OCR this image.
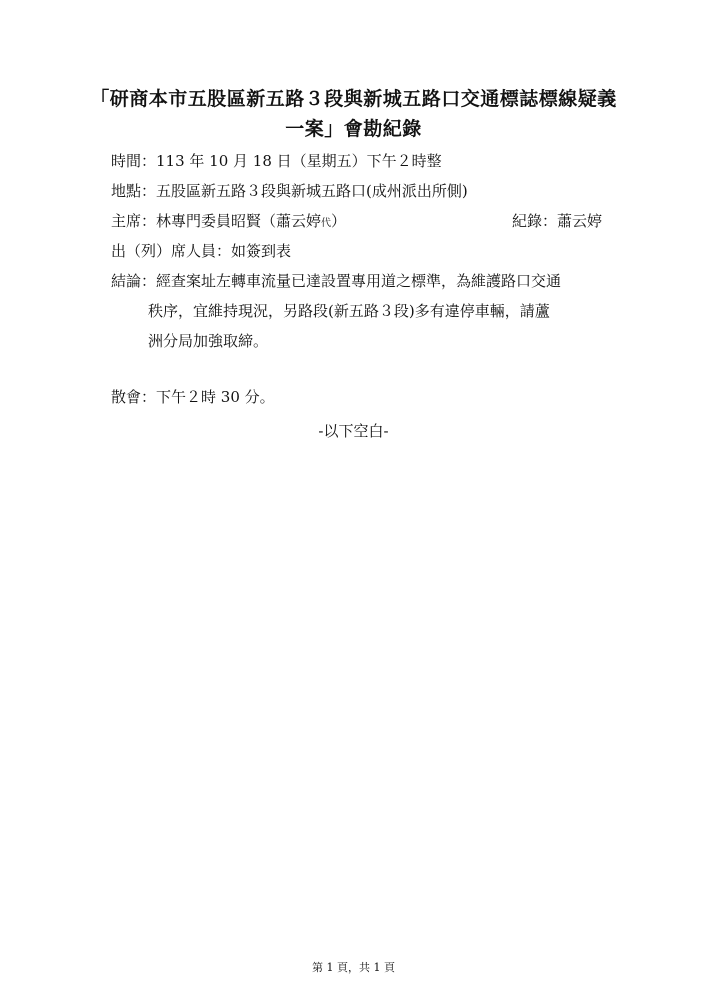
「研商本市五股區新五路３段與新城五路口交通標誌標線疑義
一案」會勘紀錄
時間：113 年 10 月 18 日（星期五）下午２時整
地點：五股區新五路３段與新城五路口(成州派出所側)
主席：林專門委員昭賢（蕭云婷代）	紀錄：蕭云婷
出（列）席人員：如簽到表
結論：經查案址左轉車流量已達設置專用道之標準，為維護路口交通
秩序，宜維持現況，另路段(新五路３段)多有違停車輛，請蘆
洲分局加強取締。
散會：下午２時 30 分。
-以下空白-
第 1 頁，共 1 頁
